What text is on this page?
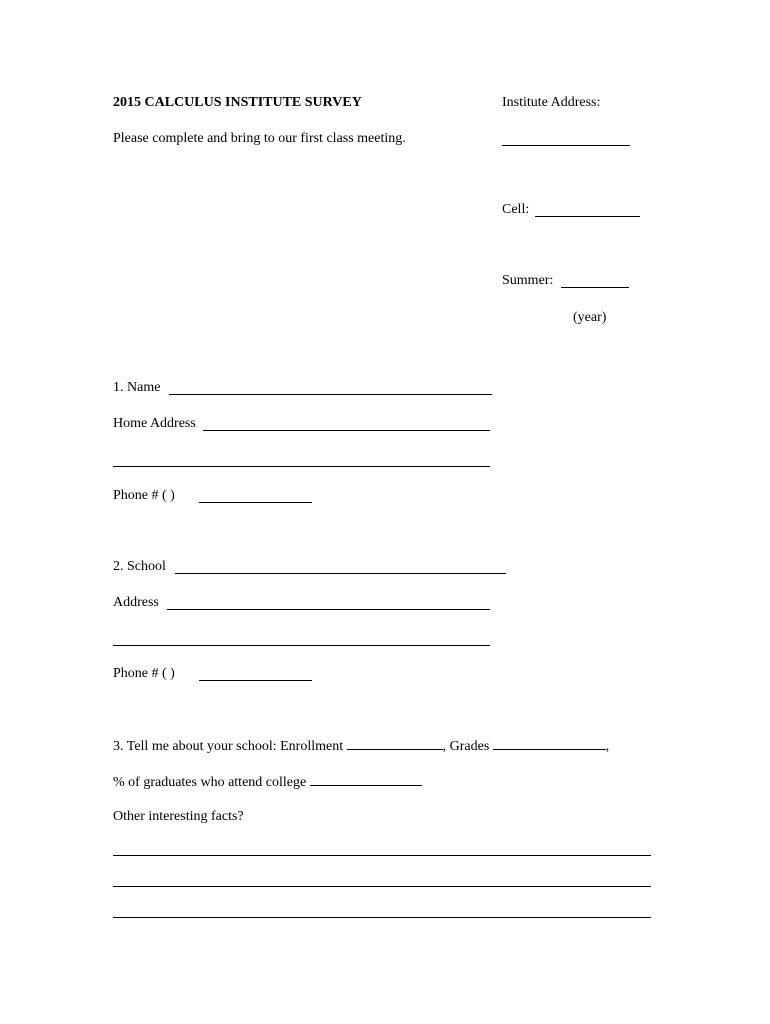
2015 CALCULUS INSTITUTE SURVEY
Please complete and bring to our first class meeting.
Institute Address:
Cell:
Summer:
(year)
1. Name
Home Address
Phone # ( )
2. School
Address
Phone # ( )
3. Tell me about your school: Enrollment	, Grades	,
% of graduates who attend college
Other interesting facts?
